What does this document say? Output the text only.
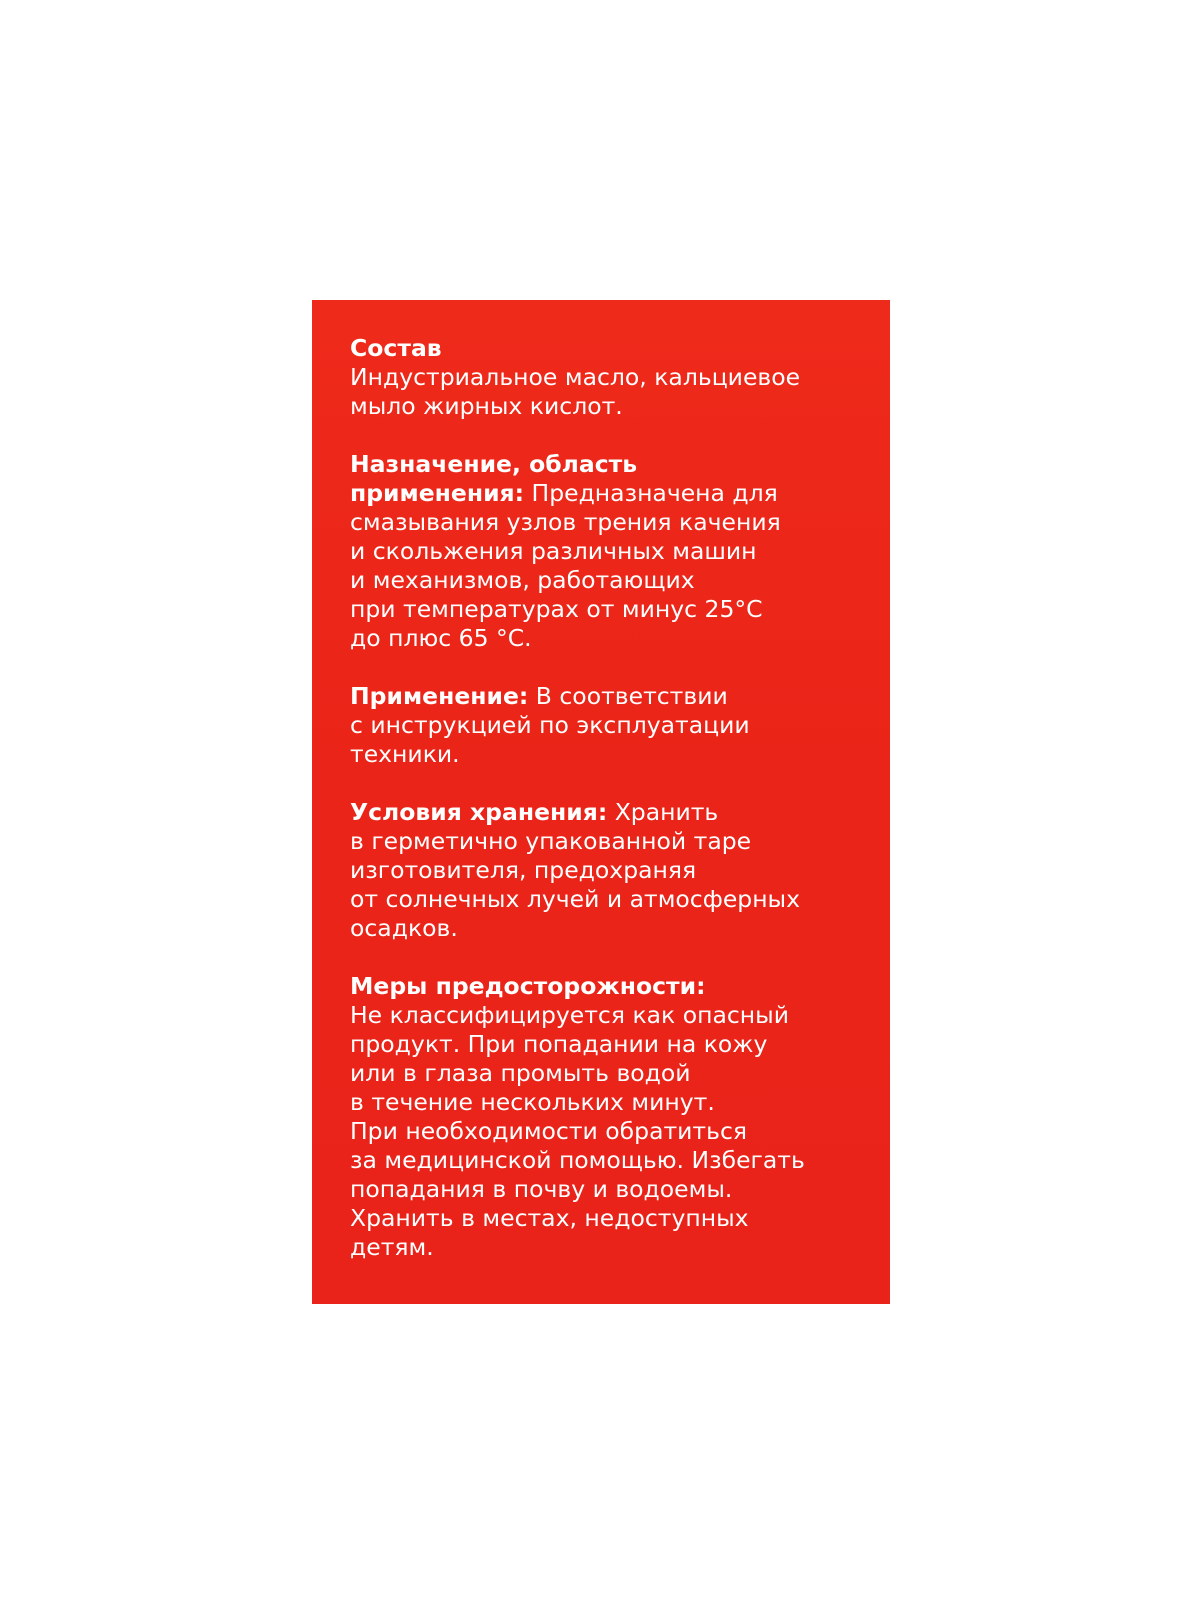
Состав
Индустриальное масло, кальциевое
мыло жирных кислот.

Назначение, область
применения: Предназначена для
смазывания узлов трения качения
и скольжения различных машин
и механизмов, работающих
при температурах от минус 25°C
до плюс 65 °С.

Применение: В соответствии
с инструкцией по эксплуатации
техники.

Условия хранения: Хранить
в герметично упакованной таре
изготовителя, предохраняя
от солнечных лучей и атмосферных
осадков.

Меры предосторожности:
Не классифицируется как опасный
продукт. При попадании на кожу
или в глаза промыть водой
в течение нескольких минут.
При необходимости обратиться
за медицинской помощью. Избегать
попадания в почву и водоемы.
Хранить в местах, недоступных
детям.
